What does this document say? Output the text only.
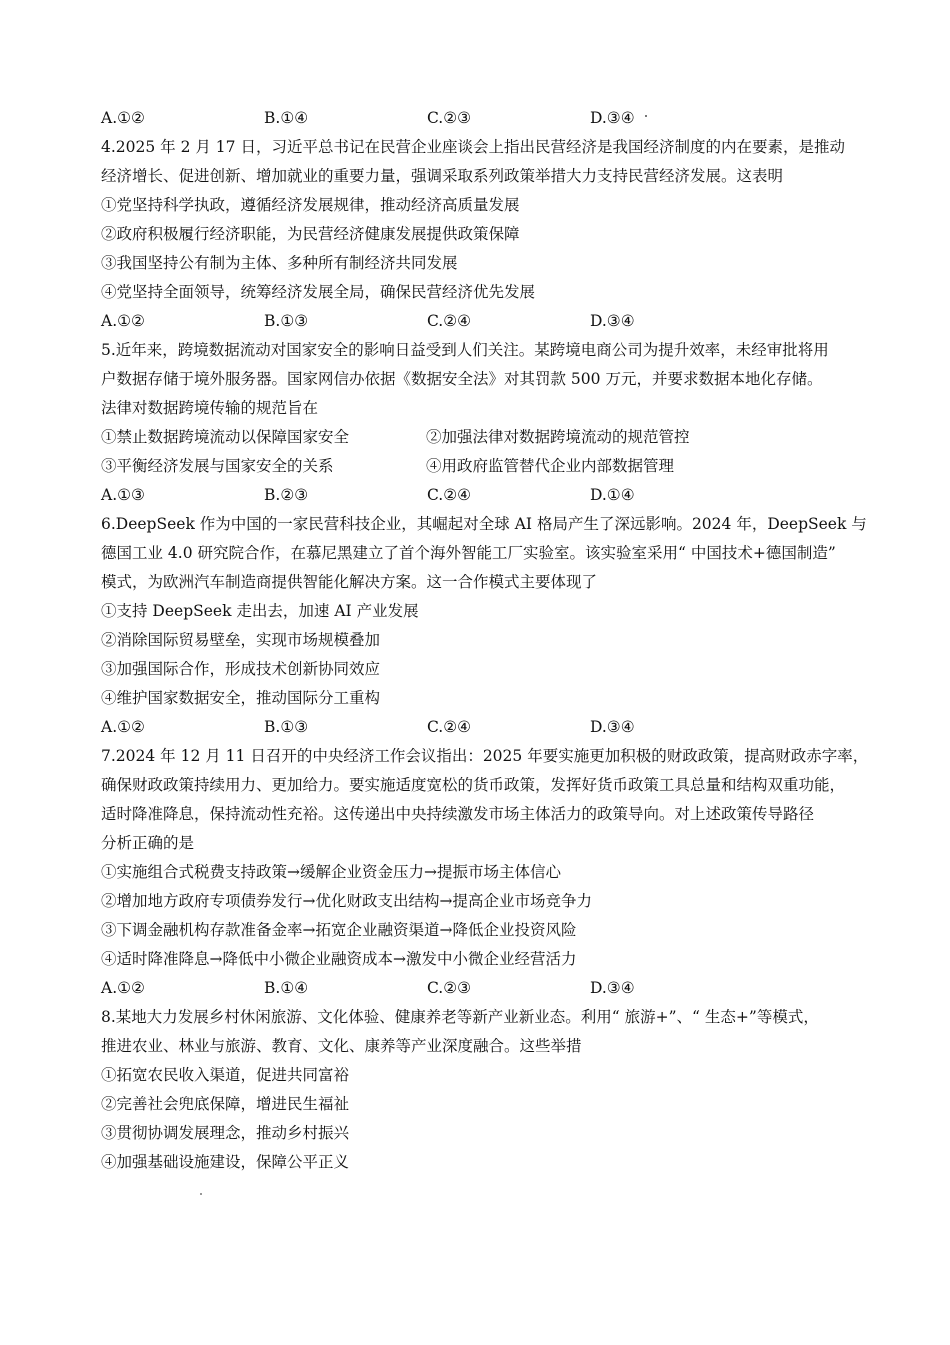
A.①②	B.①④	C.②③	D.③④
4.2025 年 2 月 17 日，习近平总书记在民营企业座谈会上指出民营经济是我国经济制度的内在要素，是推动
经济增长、促进创新、增加就业的重要力量，强调采取系列政策举措大力支持民营经济发展。这表明
①党坚持科学执政，遵循经济发展规律，推动经济高质量发展
②政府积极履行经济职能，为民营经济健康发展提供政策保障
③我国坚持公有制为主体、多种所有制经济共同发展
④党坚持全面领导，统筹经济发展全局，确保民营经济优先发展
A.①②	B.①③	C.②④	D.③④
5.近年来，跨境数据流动对国家安全的影响日益受到人们关注。某跨境电商公司为提升效率，未经审批将用
户数据存储于境外服务器。国家网信办依据《数据安全法》对其罚款 500 万元，并要求数据本地化存储。
法律对数据跨境传输的规范旨在
①禁止数据跨境流动以保障国家安全	②加强法律对数据跨境流动的规范管控
③平衡经济发展与国家安全的关系	④用政府监管替代企业内部数据管理
A.①③	B.②③	C.②④	D.①④
6.DeepSeek 作为中国的一家民营科技企业，其崛起对全球 AI 格局产生了深远影响。2024 年，DeepSeek 与
德国工业 4.0 研究院合作，在慕尼黑建立了首个海外智能工厂实验室。该实验室采用“ 中国技术+德国制造”
模式，为欧洲汽车制造商提供智能化解决方案。这一合作模式主要体现了
①支持 DeepSeek 走出去，加速 AI 产业发展
②消除国际贸易壁垒，实现市场规模叠加
③加强国际合作，形成技术创新协同效应
④维护国家数据安全，推动国际分工重构
A.①②	B.①③	C.②④	D.③④
7.2024 年 12 月 11 日召开的中央经济工作会议指出：2025 年要实施更加积极的财政政策，提高财政赤字率，
确保财政政策持续用力、更加给力。要实施适度宽松的货币政策，发挥好货币政策工具总量和结构双重功能，
适时降准降息，保持流动性充裕。这传递出中央持续激发市场主体活力的政策导向。对上述政策传导路径
分析正确的是
①实施组合式税费支持政策→缓解企业资金压力→提振市场主体信心
②增加地方政府专项债券发行→优化财政支出结构→提高企业市场竞争力
③下调金融机构存款准备金率→拓宽企业融资渠道→降低企业投资风险
④适时降准降息→降低中小微企业融资成本→激发中小微企业经营活力
A.①②	B.①④	C.②③	D.③④
8.某地大力发展乡村休闲旅游、文化体验、健康养老等新产业新业态。利用“ 旅游+”、“ 生态+”等模式，
推进农业、林业与旅游、教育、文化、康养等产业深度融合。这些举措
①拓宽农民收入渠道，促进共同富裕
②完善社会兜底保障，增进民生福祉
③贯彻协调发展理念，推动乡村振兴
④加强基础设施建设，保障公平正义
